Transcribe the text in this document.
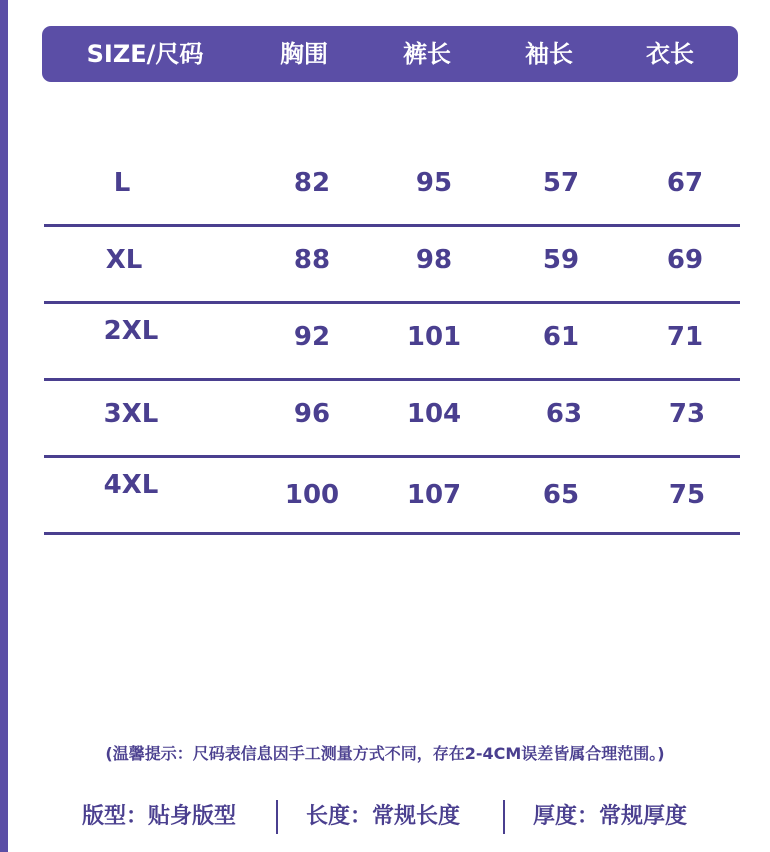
SIZE/尺码	胸围	裤长	袖长	衣长
L	82	95	57	67
XL	88	98	59	69
2XL	92	101	61	71
3XL	96	104	63	73
4XL	100	107	65	75
(温馨提示：尺码表信息因手工测量方式不同，存在2-4CM误差皆属合理范围。)
版型：贴身版型	长度：常规长度	厚度：常规厚度
